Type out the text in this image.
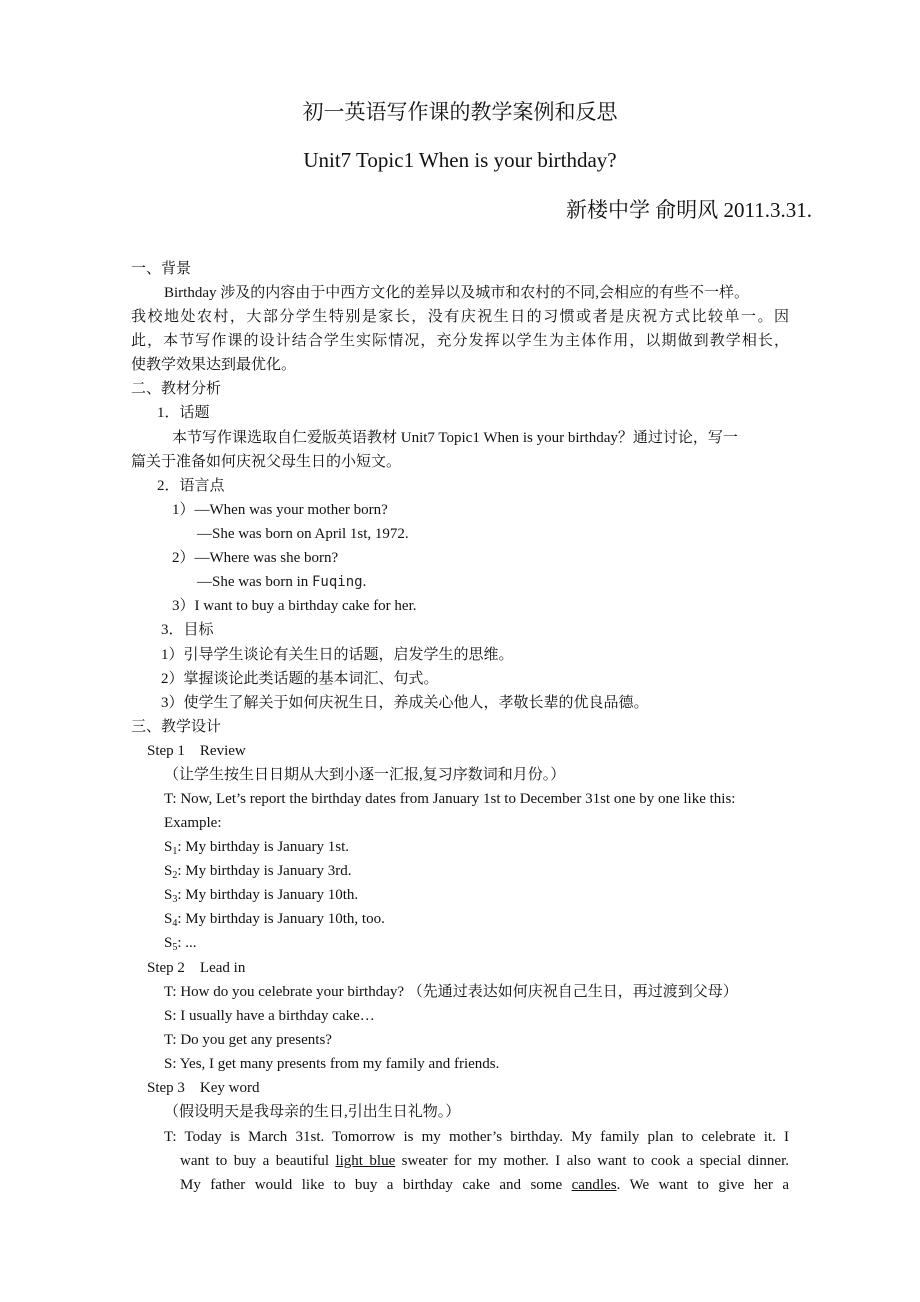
初一英语写作课的教学案例和反思
Unit7 Topic1 When is your birthday?
新楼中学 俞明风 2011.3.31.
一、背景
Birthday 涉及的内容由于中西方文化的差异以及城市和农村的不同,会相应的有些不一样。
我校地处农村，大部分学生特别是家长，没有庆祝生日的习惯或者是庆祝方式比较单一。因
此，本节写作课的设计结合学生实际情况，充分发挥以学生为主体作用，以期做到教学相长，
使教学效果达到最优化。
二、教材分析
1．话题
本节写作课选取自仁爱版英语教材 Unit7 Topic1 When is your birthday？通过讨论，写一
篇关于准备如何庆祝父母生日的小短文。
2．语言点
1）—When was your mother born?
—She was born on April 1st, 1972.
2）—Where was she born?
—She was born in Fuqing.
3）I want to buy a birthday cake for her.
3．目标
1）引导学生谈论有关生日的话题，启发学生的思维。
2）掌握谈论此类话题的基本词汇、句式。
3）使学生了解关于如何庆祝生日，养成关心他人，孝敬长辈的优良品德。
三、教学设计
Step 1    Review
（让学生按生日日期从大到小逐一汇报,复习序数词和月份。）
T: Now, Let’s report the birthday dates from January 1st to December 31st one by one like this:
Example:
$S_1$: My birthday is January 1st.
$S_2$: My birthday is January 3rd.
$S_3$: My birthday is January 10th.
$S_4$: My birthday is January 10th, too.
$S_5$: ...
Step 2    Lead in
T: How do you celebrate your birthday? （先通过表达如何庆祝自己生日，再过渡到父母）
S: I usually have a birthday cake…
T: Do you get any presents?
S: Yes, I get many presents from my family and friends.
Step 3    Key word
（假设明天是我母亲的生日,引出生日礼物。）
T: Today is March 31st. Tomorrow is my mother’s birthday. My family plan to celebrate it. I
want to buy a beautiful light blue sweater for my mother. I also want to cook a special dinner.
My father would like to buy a birthday cake and some candles. We want to give her a
